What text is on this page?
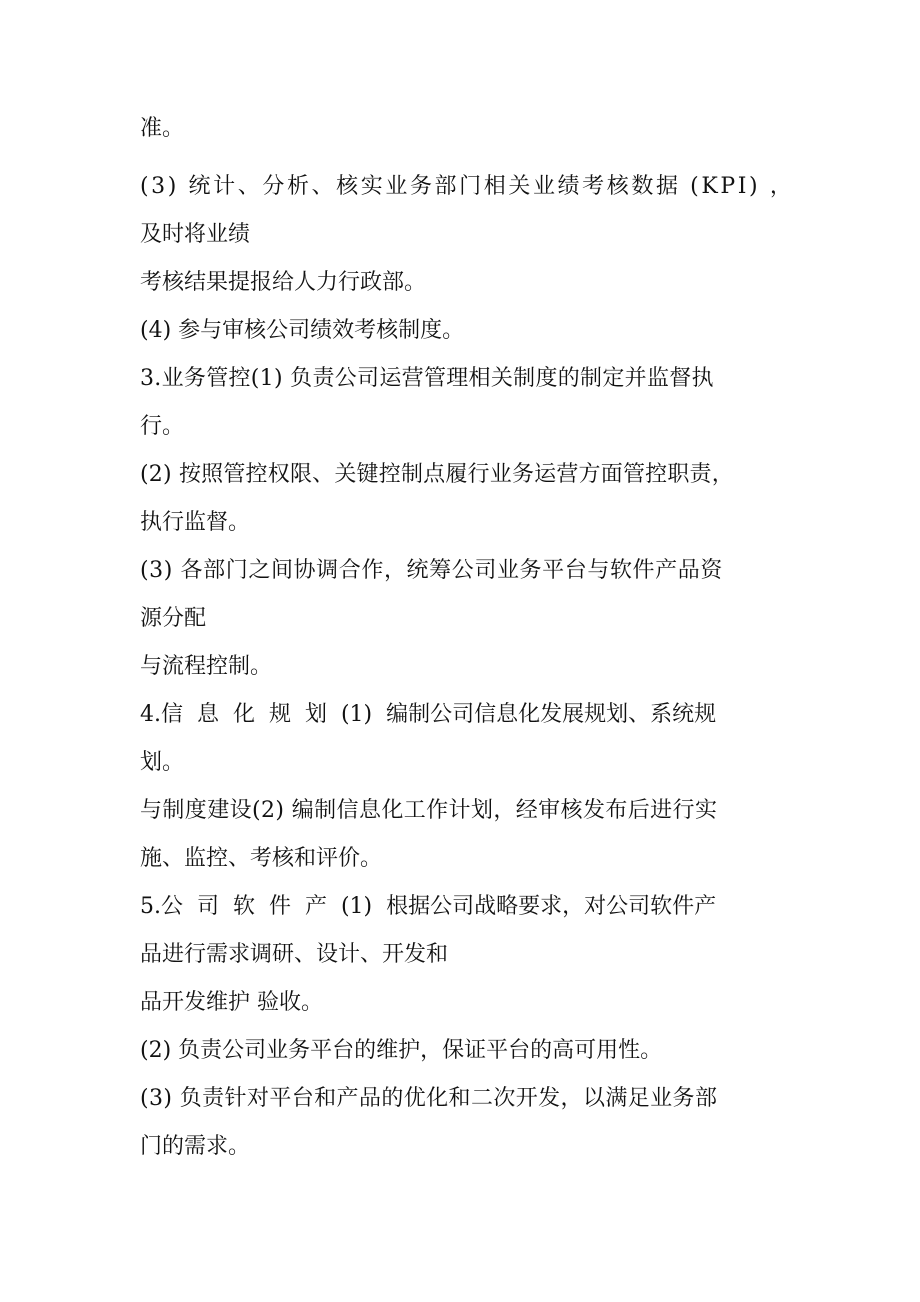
准。

(3) 统计、分析、核实业务部门相关业绩考核数据 (KPI) ，

及时将业绩

考核结果提报给人力行政部。

(4) 参与审核公司绩效考核制度。

3.业务管控(1) 负责公司运营管理相关制度的制定并监督执

行。

(2) 按照管控权限、关键控制点履行业务运营方面管控职责，

执行监督。

(3) 各部门之间协调合作，统筹公司业务平台与软件产品资

源分配

与流程控制。

4.信 息 化 规 划 (1) 编制公司信息化发展规划、系统规

划。

与制度建设(2) 编制信息化工作计划，经审核发布后进行实

施、监控、考核和评价。

5.公 司 软 件 产 (1) 根据公司战略要求，对公司软件产

品进行需求调研、设计、开发和

品开发维护 验收。

(2) 负责公司业务平台的维护，保证平台的高可用性。

(3) 负责针对平台和产品的优化和二次开发，以满足业务部

门的需求。
